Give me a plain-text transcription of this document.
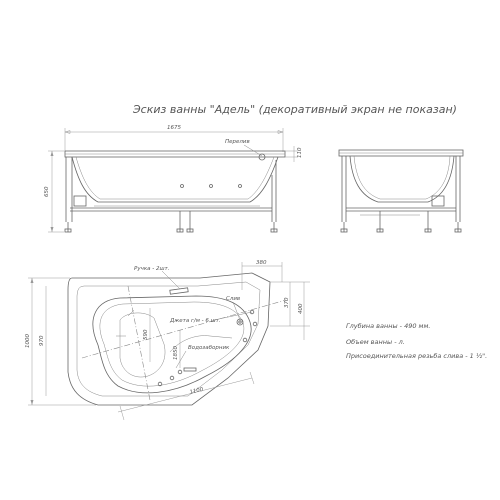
Эскиз ванны "Адель" (декоративный экран не показан)
1675
Перелив
110
650
590
1850
Ручка - 2шт.
Слив
Джета г/м - 6 шт.
Водозаборник
380
370
400
1000 970
1100
Глубина ванны - 490 мм.
Объем ванны - л.
Присоединительная резьба слива - 1 ½".
